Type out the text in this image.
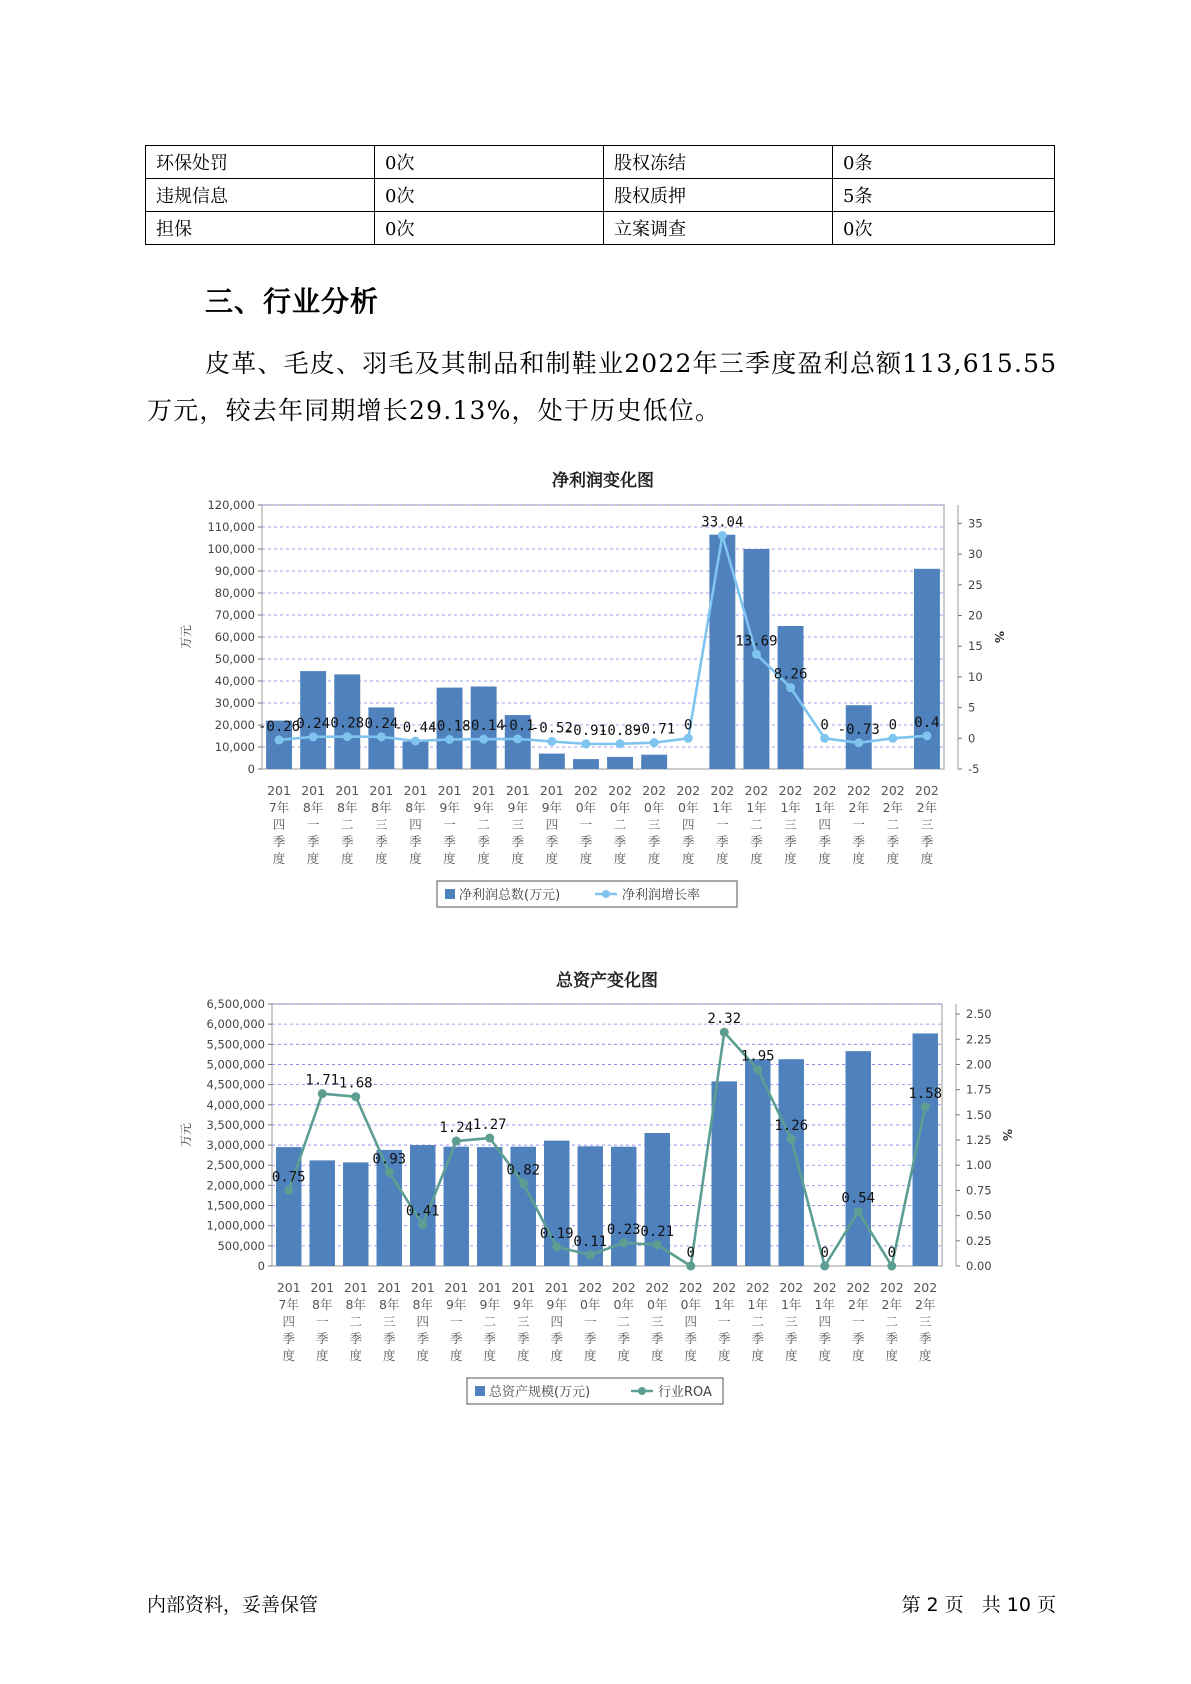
环保处罚	0次	股权冻结	0条
违规信息	0次	股权质押	5条
担保	0次	立案调查	0次
三、行业分析

皮革、毛皮、羽毛及其制品和制鞋业2022年三季度盈利总额113,615.55万元，较去年同期增长29.13%，处于历史低位。

净利润变化图
0
10,000
20,000
30,000
40,000
50,000
60,000
70,000
80,000
90,000
100,000
110,000
120,000
-5
0
5
10
15
20
25
30
35
万元	%
-0.26
0.24 0.28 0.24
-0.44
-0.18
-0.14
-0.1
-0.52
-0.91
-0.89
-0.71 0
33.04
13.69
8.26
0 -0.73 0 0.4
201
7年
四
季
度
201
8年
一
季
度
201
8年
二
季
度
201
8年
三
季
度
201
8年
四
季
度
201
9年
一
季
度
201
9年
二
季
度
201
9年
三
季
度
201
9年
四
季
度
202
0年
一
季
度
202
0年
二
季
度
202
0年
三
季
度
202
0年
四
季
度
202
1年
一
季
度
202
1年
二
季
度
202
1年
三
季
度
202
1年
四
季
度
202
2年
一
季
度
202
2年
二
季
度
202
2年
三
季
度
净利润总数(万元)	净利润增长率
总资产变化图
0
500,000
1,000,000
1,500,000
2,000,000
2,500,000
3,000,000
3,500,000
4,000,000
4,500,000
5,000,000
5,500,000
6,000,000
6,500,000
0.00
0.25
0.50
0.75
1.00
1.25
1.50
1.75
2.00
2.25
2.50
万元	%
0.75
1.71 1.68
0.93
0.41
1.24 1.27
0.82
0.19
0.11
0.23 0.21
0
2.32
1.95
1.26
0
0.54
0
1.58
201
7年
四
季
度
201
8年
一
季
度
201
8年
二
季
度
201
8年
三
季
度
201
8年
四
季
度
201
9年
一
季
度
201
9年
二
季
度
201
9年
三
季
度
201
9年
四
季
度
202
0年
一
季
度
202
0年
二
季
度
202
0年
三
季
度
202
0年
四
季
度
202
1年
一
季
度
202
1年
二
季
度
202
1年
三
季
度
202
1年
四
季
度
202
2年
一
季
度
202
2年
二
季
度
202
2年
三
季
度
总资产规模(万元)	行业ROA
内部资料，妥善保管	第 2 页   共 10 页
